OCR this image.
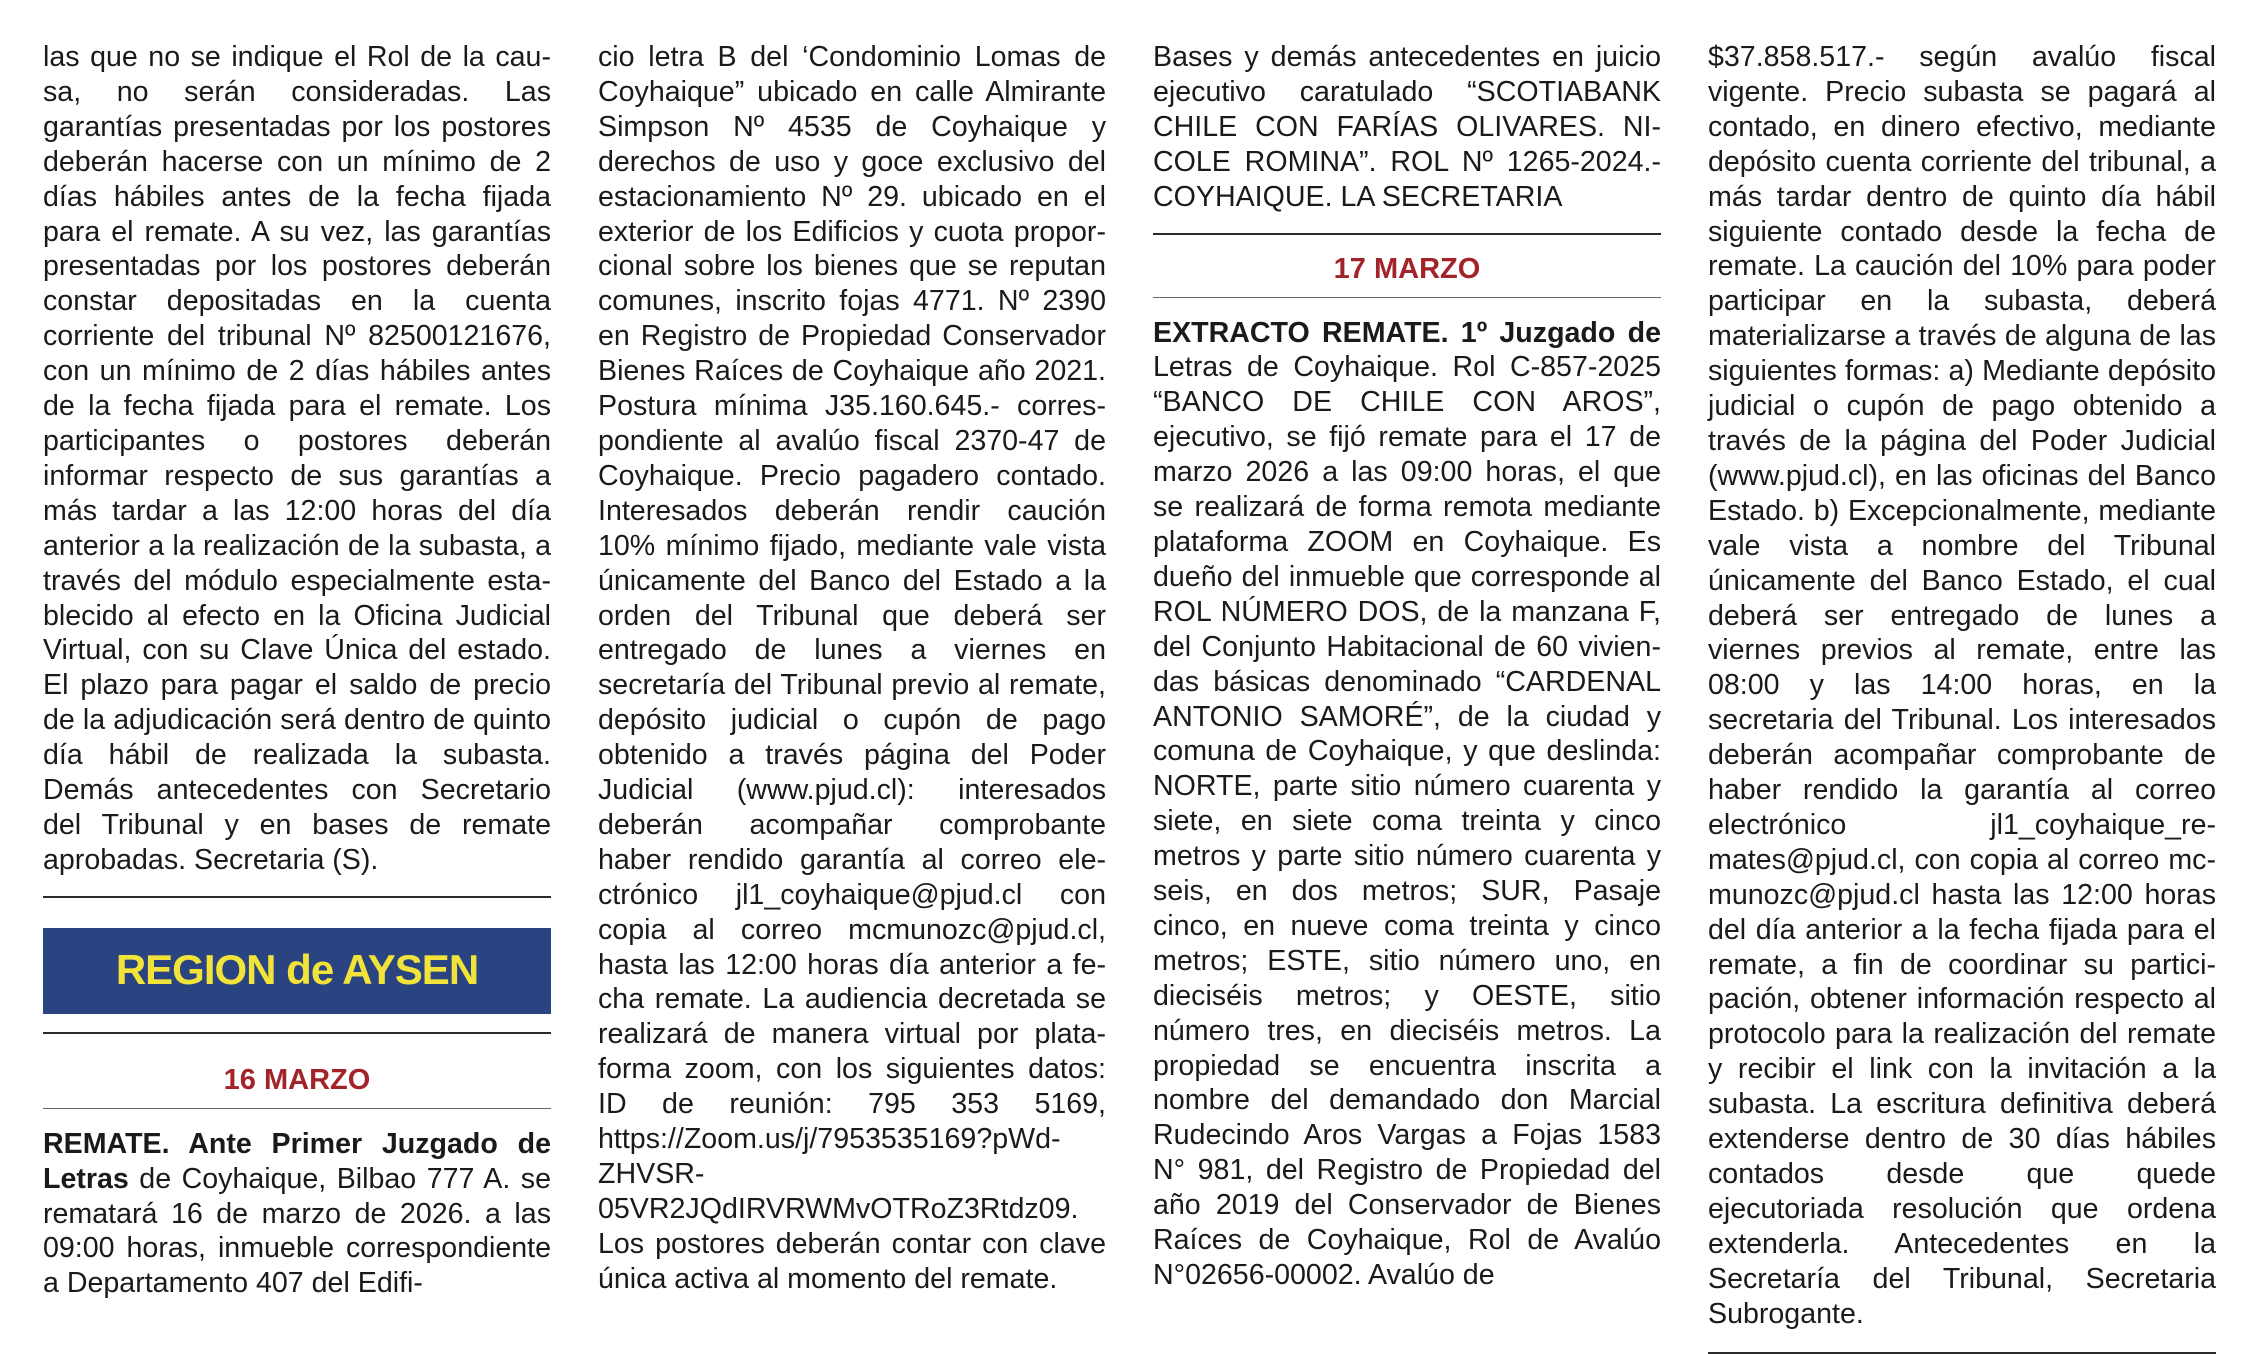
las que no se indique el Rol de la causa, no serán consideradas. Las garantías presentadas por los postores deberán hacerse con un mínimo de 2 días hábiles antes de la fecha fijada para el remate. A su vez, las garantías presentadas por los postores deberán constar depositadas en la cuenta corriente del tribunal Nº 82500121676, con un mínimo de 2 días hábiles antes de la fecha fijada para el remate. Los participantes o postores deberán informar respecto de sus garantías a más tardar a las 12:00 horas del día anterior a la realización de la subasta, a través del módulo especialmente establecido al efecto en la Oficina Judicial Virtual, con su Clave Única del estado. El plazo para pagar el saldo de precio de la adjudicación será dentro de quinto día hábil de realizada la subasta. Demás antecedentes con Secretario del Tribunal y en bases de remate aprobadas. Secretaria (S).

REGION de AYSEN

16 MARZO

REMATE. Ante Primer Juzgado de Letras de Coyhaique, Bilbao 777 A. se rematará 16 de marzo de 2026. a las 09:00 horas, inmueble correspondiente a Departamento 407 del Edifi-

cio letra B del ‘Condominio Lomas de Coyhaique” ubicado en calle Almirante Simpson Nº 4535 de Coyhaique y derechos de uso y goce exclusivo del estacionamiento Nº 29. ubicado en el exterior de los Edificios y cuota proporcional sobre los bienes que se reputan comunes, inscrito fojas 4771. Nº 2390 en Registro de Propiedad Conservador Bienes Raíces de Coyhaique año 2021. Postura mínima J35.160.645.- correspondiente al avalúo fiscal 2370-47 de Coyhaique. Precio pagadero contado. Interesados deberán rendir caución 10% mínimo fijado, mediante vale vista únicamente del Banco del Estado a la orden del Tribunal que deberá ser entregado de lunes a viernes en secretaría del Tribunal previo al remate, depósito judicial o cupón de pago obtenido a través página del Poder Judicial (www.pjud.cl): interesados deberán acompañar comprobante haber rendido garantía al correo electrónico jl1_coyhaique@pjud.cl con copia al correo mcmunozc@pjud.cl, hasta las 12:00 horas día anterior a fecha remate. La audiencia decretada se realizará de manera virtual por plataforma zoom, con los siguientes datos: ID de reunión: 795 353 5169, https://Zoom.us/j/7953535169?pWd-ZHVSR-05VR2JQdIRVRWMvOTRoZ3Rtdz09. Los postores deberán contar con clave única activa al momento del remate.

Bases y demás antecedentes en juicio ejecutivo caratulado “SCOTIABANK CHILE CON FARÍAS OLIVARES. NICOLE ROMINA”. ROL Nº 1265-2024.- COYHAIQUE. LA SECRETARIA

17 MARZO

EXTRACTO REMATE. 1º Juzgado de Letras de Coyhaique. Rol C-857-2025 “BANCO DE CHILE CON AROS”, ejecutivo, se fijó remate para el 17 de marzo 2026 a las 09:00 horas, el que se realizará de forma remota mediante plataforma ZOOM en Coyhaique. Es dueño del inmueble que corresponde al ROL NÚMERO DOS, de la manzana F, del Conjunto Habitacional de 60 viviendas básicas denominado “CARDENAL ANTONIO SAMORÉ”, de la ciudad y comuna de Coyhaique, y que deslinda: NORTE, parte sitio número cuarenta y siete, en siete coma treinta y cinco metros y parte sitio número cuarenta y seis, en dos metros; SUR, Pasaje cinco, en nueve coma treinta y cinco metros; ESTE, sitio número uno, en dieciséis metros; y OESTE, sitio número tres, en dieciséis metros. La propiedad se encuentra inscrita a nombre del demandado don Marcial Rudecindo Aros Vargas a Fojas 1583 N° 981, del Registro de Propiedad del año 2019 del Conservador de Bienes Raíces de Coyhaique, Rol de Avalúo N°02656-00002. Avalúo de

$37.858.517.- según avalúo fiscal vigente. Precio subasta se pagará al contado, en dinero efectivo, mediante depósito cuenta corriente del tribunal, a más tardar dentro de quinto día hábil siguiente contado desde la fecha de remate. La caución del 10% para poder participar en la subasta, deberá materializarse a través de alguna de las siguientes formas: a) Mediante depósito judicial o cupón de pago obtenido a través de la página del Poder Judicial (www.pjud.cl), en las oficinas del Banco Estado. b) Excepcionalmente, mediante vale vista a nombre del Tribunal únicamente del Banco Estado, el cual deberá ser entregado de lunes a viernes previos al remate, entre las 08:00 y las 14:00 horas, en la secretaria del Tribunal. Los interesados deberán acompañar comprobante de haber rendido la garantía al correo electrónico jl1_coyhaique_remates@pjud.cl, con copia al correo mcmunozc@pjud.cl hasta las 12:00 horas del día anterior a la fecha fijada para el remate, a fin de coordinar su participación, obtener información respecto al protocolo para la realización del remate y recibir el link con la invitación a la subasta. La escritura definitiva deberá extenderse dentro de 30 días hábiles contados desde que quede ejecutoriada resolución que ordena extenderla. Antecedentes en la Secretaría del Tribunal, Secretaria Subrogante.
